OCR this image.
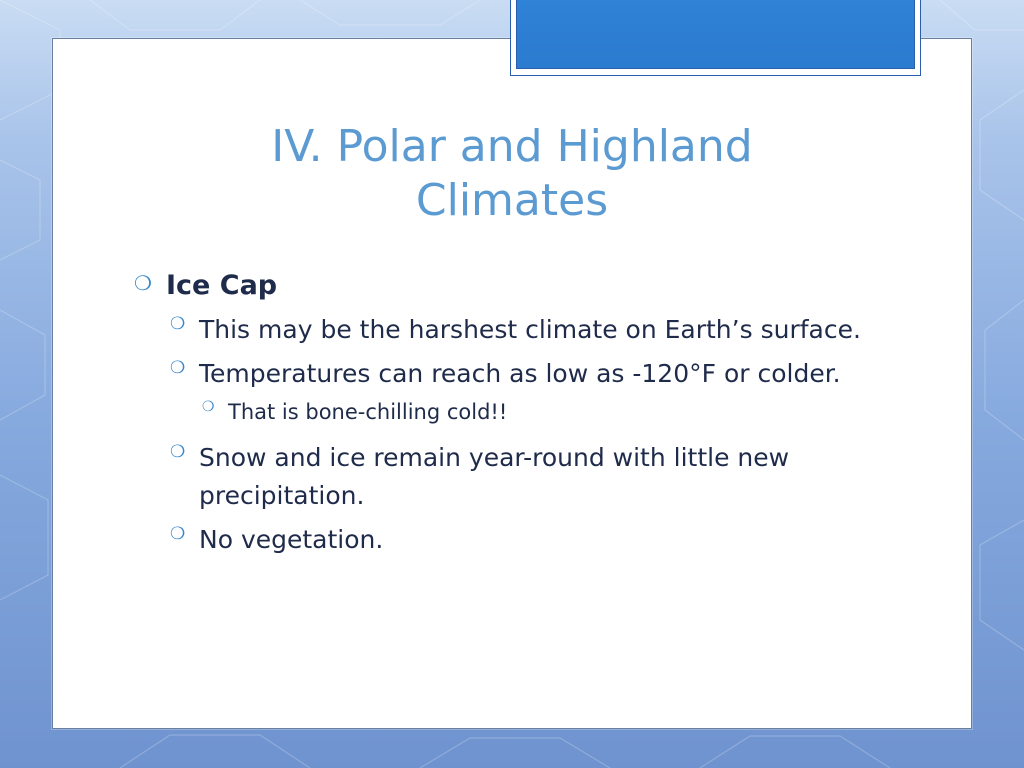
IV. Polar and Highland
Climates
❍ Ice Cap
❍ This may be the harshest climate on Earth’s surface.
❍ Temperatures can reach as low as -120°F or colder.
❍ That is bone-chilling cold!!
❍ Snow and ice remain year-round with little new precipitation.
❍ No vegetation.
